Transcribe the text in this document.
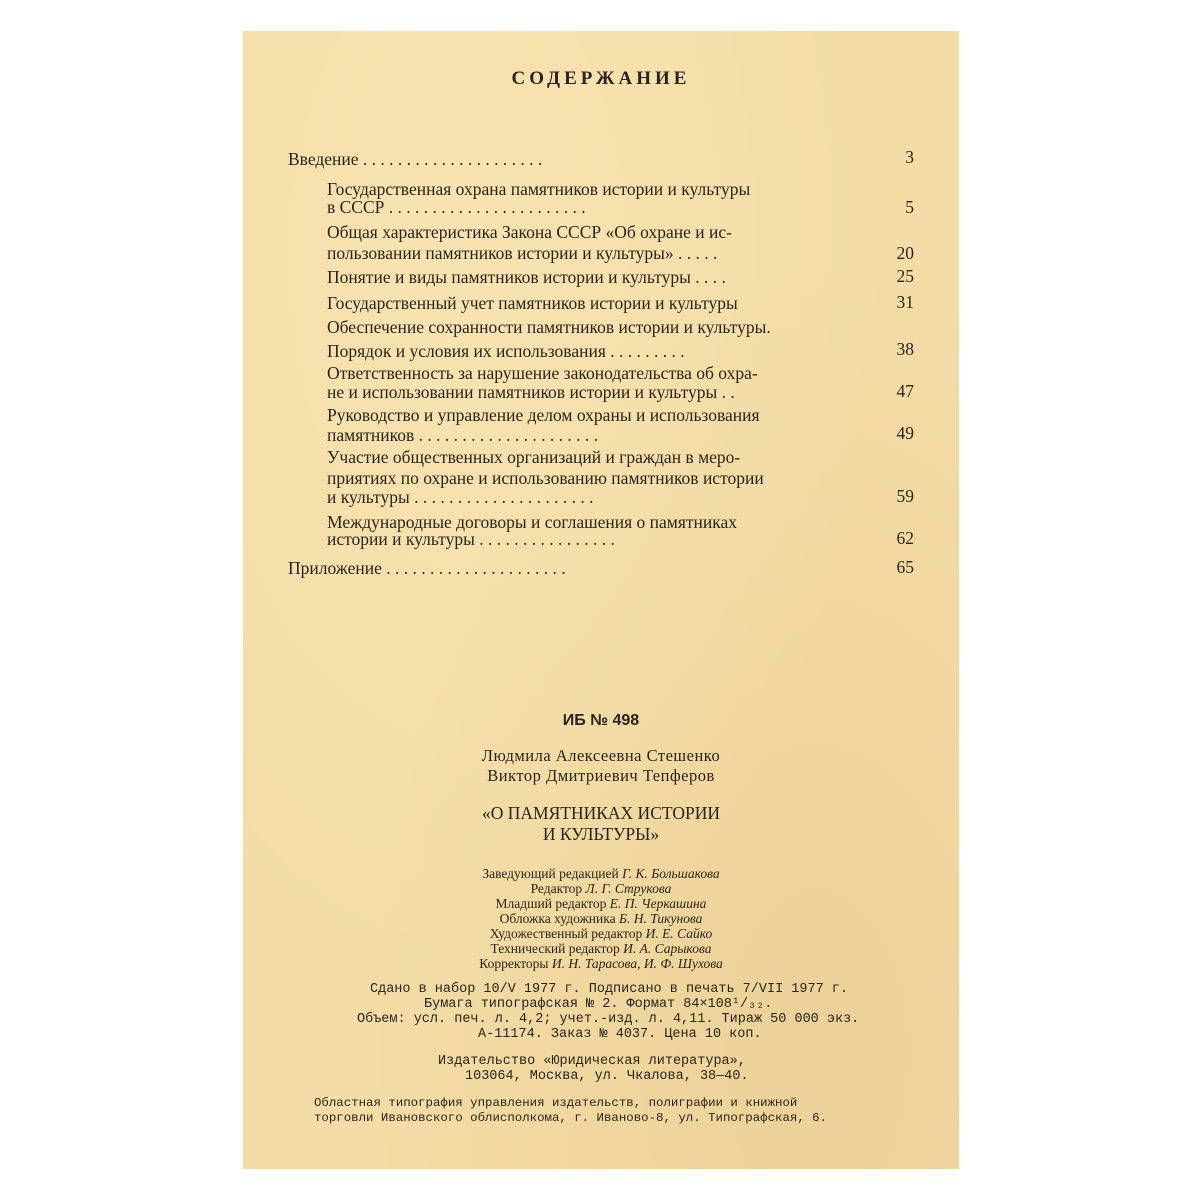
СОДЕРЖАНИЕ
Введение . . . . . . . . . . . . . . . . . . . . .	3
Государственная охрана памятников истории и культуры
в СССР . . . . . . . . . . . . . . . . . . . . . . .	5
Общая характеристика Закона СССР «Об охране и ис-
пользовании памятников истории и культуры» . . . . .	20
Понятие и виды памятников истории и культуры . . . .	25
Государственный учет памятников истории и культуры	31
Обеспечение сохранности памятников истории и культуры.
Порядок и условия их использования . . . . . . . . .	38
Ответственность за нарушение законодательства об охра-
не и использовании памятников истории и культуры . .	47
Руководство и управление делом охраны и использования
памятников . . . . . . . . . . . . . . . . . . . . .	49
Участие общественных организаций и граждан в меро-
приятиях по охране и использованию памятников истории
и культуры . . . . . . . . . . . . . . . . . . . . .	59
Международные договоры и соглашения о памятниках
истории и культуры . . . . . . . . . . . . . . . .	62
Приложение . . . . . . . . . . . . . . . . . . . . .	65
ИБ № 498
Людмила Алексеевна Стешенко
Виктор Дмитриевич Тепферов
«О ПАМЯТНИКАХ ИСТОРИИ
И КУЛЬТУРЫ»
Заведующий редакцией Г. К. Большакова
Редактор Л. Г. Струкова
Младший редактор Е. П. Черкашина
Обложка художника Б. Н. Тикунова
Художественный редактор И. Е. Сайко
Технический редактор И. А. Сарыкова
Корректоры И. Н. Тарасова, И. Ф. Шухова
Сдано в набор 10/V 1977 г. Подписано в печать 7/VII 1977 г.
Бумага типографская № 2. Формат 84×108¹/₃₂.
Объем: усл. печ. л. 4,2; учет.-изд. л. 4,11. Тираж 50 000 экз.
А-11174. Заказ № 4037. Цена 10 коп.
Издательство «Юридическая литература»,
103064, Москва, ул. Чкалова, 38—40.
Областная типография управления издательств, полиграфии и книжной
торговли Ивановского облисполкома, г. Иваново-8, ул. Типографская, 6.
